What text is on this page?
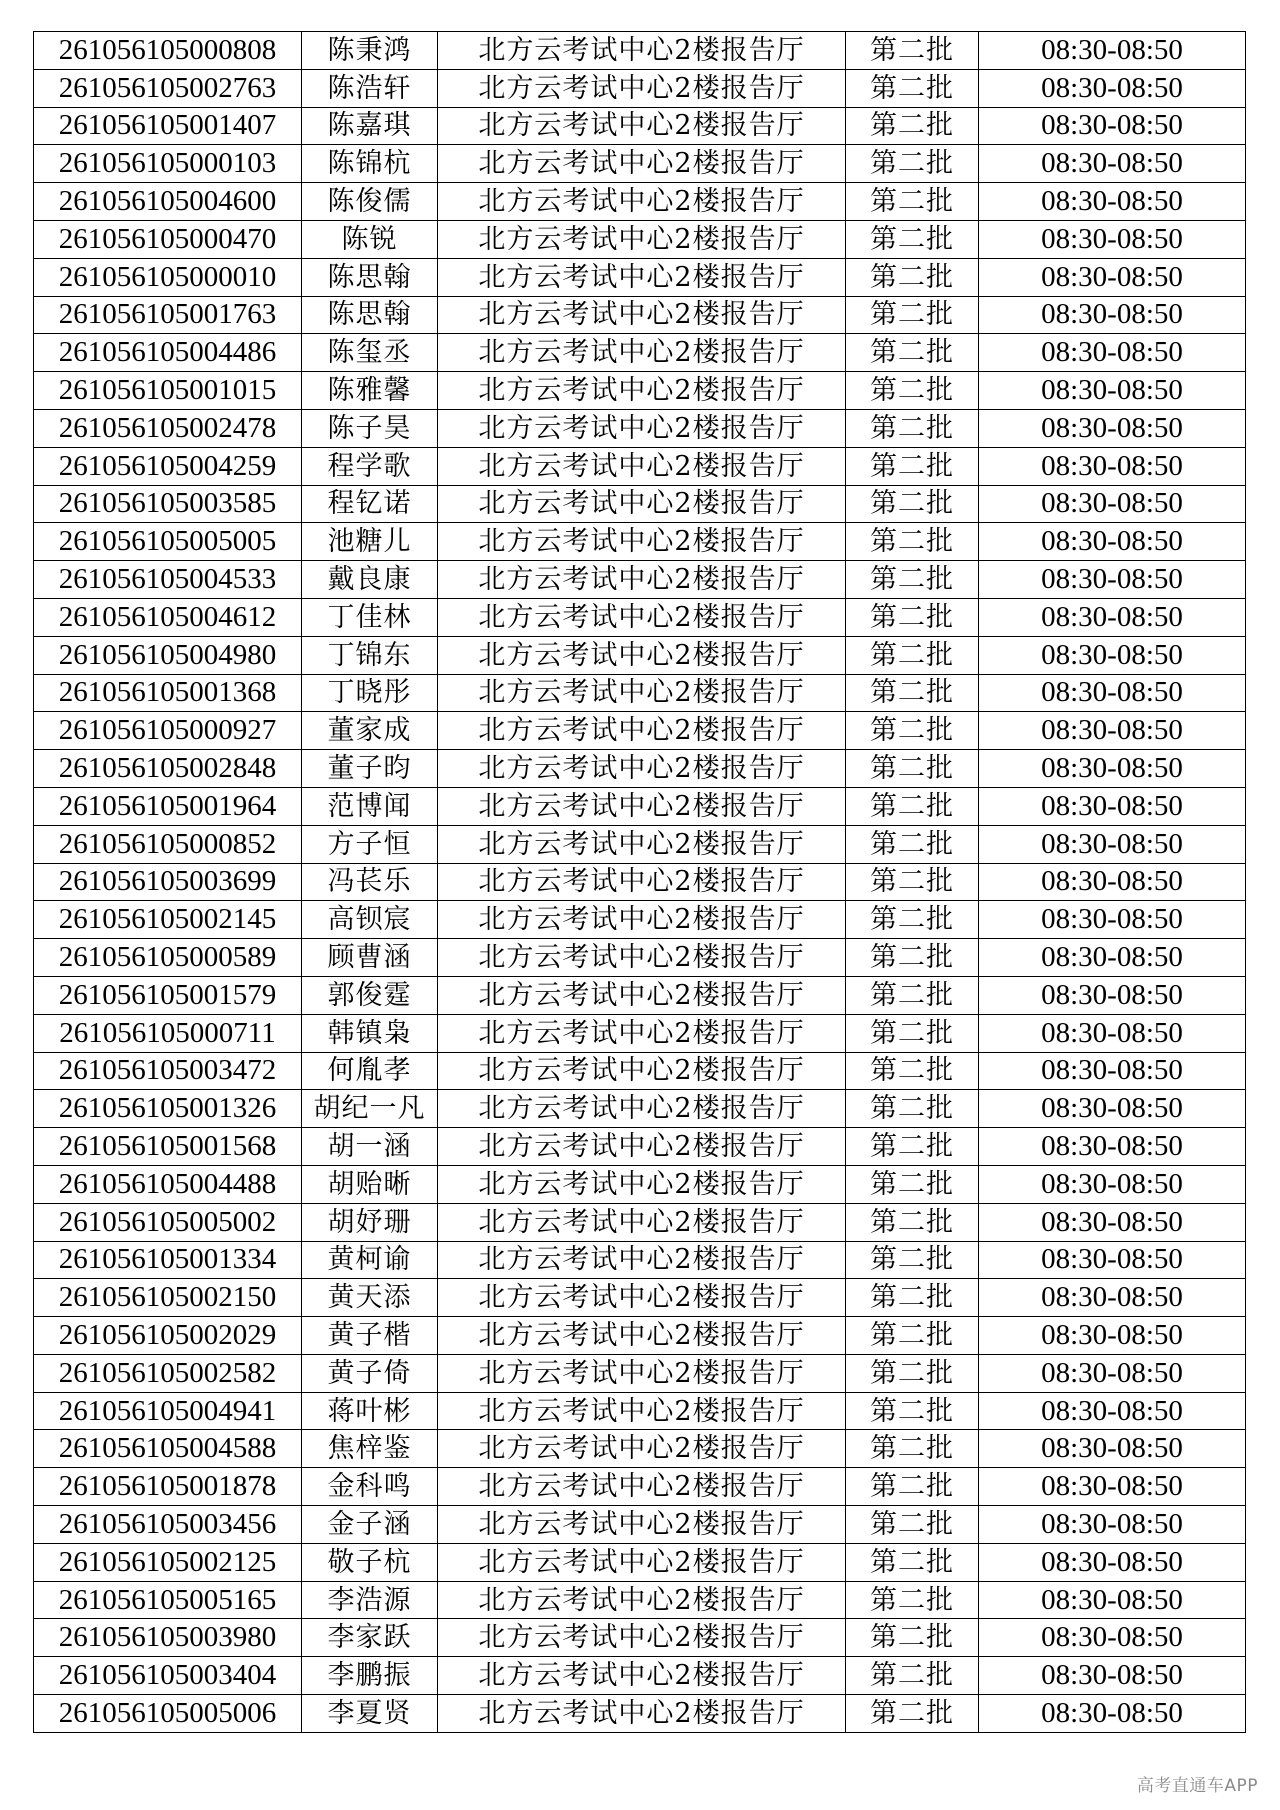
261056105000808	陈秉鸿	北方云考试中心2楼报告厅	第二批	08:30-08:50
261056105002763	陈浩轩	北方云考试中心2楼报告厅	第二批	08:30-08:50
261056105001407	陈嘉琪	北方云考试中心2楼报告厅	第二批	08:30-08:50
261056105000103	陈锦杭	北方云考试中心2楼报告厅	第二批	08:30-08:50
261056105004600	陈俊儒	北方云考试中心2楼报告厅	第二批	08:30-08:50
261056105000470	陈锐	北方云考试中心2楼报告厅	第二批	08:30-08:50
261056105000010	陈思翰	北方云考试中心2楼报告厅	第二批	08:30-08:50
261056105001763	陈思翰	北方云考试中心2楼报告厅	第二批	08:30-08:50
261056105004486	陈玺丞	北方云考试中心2楼报告厅	第二批	08:30-08:50
261056105001015	陈雅馨	北方云考试中心2楼报告厅	第二批	08:30-08:50
261056105002478	陈子昊	北方云考试中心2楼报告厅	第二批	08:30-08:50
261056105004259	程学歌	北方云考试中心2楼报告厅	第二批	08:30-08:50
261056105003585	程钇诺	北方云考试中心2楼报告厅	第二批	08:30-08:50
261056105005005	池糖儿	北方云考试中心2楼报告厅	第二批	08:30-08:50
261056105004533	戴良康	北方云考试中心2楼报告厅	第二批	08:30-08:50
261056105004612	丁佳林	北方云考试中心2楼报告厅	第二批	08:30-08:50
261056105004980	丁锦东	北方云考试中心2楼报告厅	第二批	08:30-08:50
261056105001368	丁晓彤	北方云考试中心2楼报告厅	第二批	08:30-08:50
261056105000927	董家成	北方云考试中心2楼报告厅	第二批	08:30-08:50
261056105002848	董子昀	北方云考试中心2楼报告厅	第二批	08:30-08:50
261056105001964	范博闻	北方云考试中心2楼报告厅	第二批	08:30-08:50
261056105000852	方子恒	北方云考试中心2楼报告厅	第二批	08:30-08:50
261056105003699	冯苌乐	北方云考试中心2楼报告厅	第二批	08:30-08:50
261056105002145	高钡宸	北方云考试中心2楼报告厅	第二批	08:30-08:50
261056105000589	顾曹涵	北方云考试中心2楼报告厅	第二批	08:30-08:50
261056105001579	郭俊霆	北方云考试中心2楼报告厅	第二批	08:30-08:50
261056105000711	韩镇枭	北方云考试中心2楼报告厅	第二批	08:30-08:50
261056105003472	何胤孝	北方云考试中心2楼报告厅	第二批	08:30-08:50
261056105001326	胡纪一凡	北方云考试中心2楼报告厅	第二批	08:30-08:50
261056105001568	胡一涵	北方云考试中心2楼报告厅	第二批	08:30-08:50
261056105004488	胡贻晰	北方云考试中心2楼报告厅	第二批	08:30-08:50
261056105005002	胡妤珊	北方云考试中心2楼报告厅	第二批	08:30-08:50
261056105001334	黄柯谕	北方云考试中心2楼报告厅	第二批	08:30-08:50
261056105002150	黄天添	北方云考试中心2楼报告厅	第二批	08:30-08:50
261056105002029	黄子楷	北方云考试中心2楼报告厅	第二批	08:30-08:50
261056105002582	黄子倚	北方云考试中心2楼报告厅	第二批	08:30-08:50
261056105004941	蒋叶彬	北方云考试中心2楼报告厅	第二批	08:30-08:50
261056105004588	焦梓鉴	北方云考试中心2楼报告厅	第二批	08:30-08:50
261056105001878	金科鸣	北方云考试中心2楼报告厅	第二批	08:30-08:50
261056105003456	金子涵	北方云考试中心2楼报告厅	第二批	08:30-08:50
261056105002125	敬子杭	北方云考试中心2楼报告厅	第二批	08:30-08:50
261056105005165	李浩源	北方云考试中心2楼报告厅	第二批	08:30-08:50
261056105003980	李家跃	北方云考试中心2楼报告厅	第二批	08:30-08:50
261056105003404	李鹏振	北方云考试中心2楼报告厅	第二批	08:30-08:50
261056105005006	李夏贤	北方云考试中心2楼报告厅	第二批	08:30-08:50
高考直通车APP
